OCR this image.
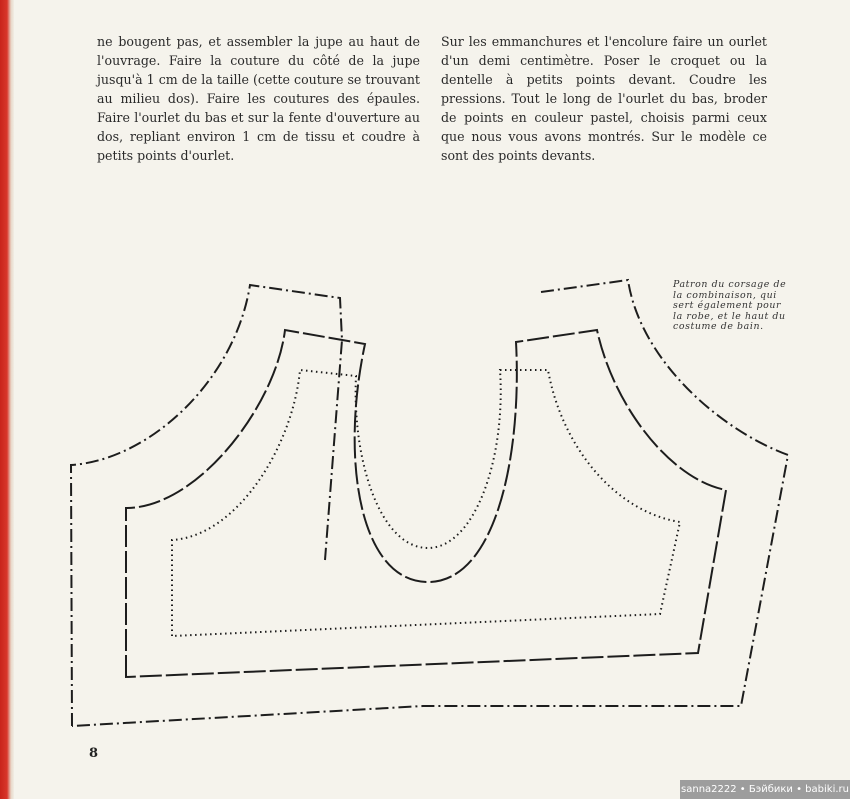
ne bougent pas, et assembler la jupe au haut de l'ouvrage. Faire la couture du côté de la jupe jusqu'à 1 cm de la taille (cette couture se trouvant au milieu dos). Faire les coutures des épaules. Faire l'ourlet du bas et sur la fente d'ouverture au dos, repliant environ 1 cm de tissu et coudre à petits points d'ourlet.

Sur les emmanchures et l'encolure faire un ourlet d'un demi centimètre. Poser le croquet ou la dentelle à petits points devant. Coudre les pressions. Tout le long de l'ourlet du bas, broder de points en couleur pastel, choisis parmi ceux que nous vous avons montrés. Sur le modèle ce sont des points devants.

Patron du corsage de la combinaison, qui sert également pour la robe, et le haut du costume de bain.
8
sanna2222 • Бэйбики • babiki.ru
